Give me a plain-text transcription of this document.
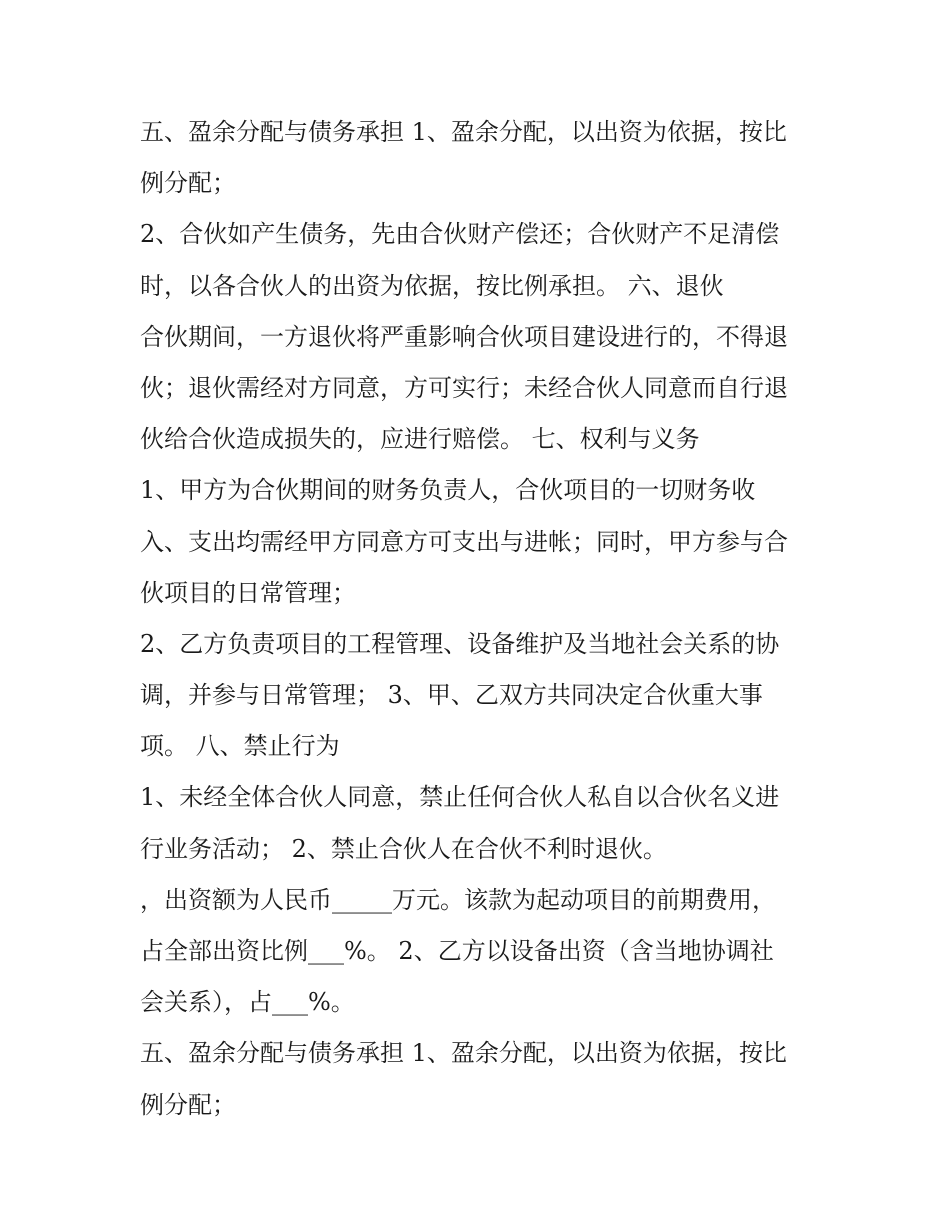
五、盈余分配与债务承担 1、盈余分配，以出资为依据，按比
例分配；
2、合伙如产生债务，先由合伙财产偿还；合伙财产不足清偿
时，以各合伙人的出资为依据，按比例承担。 六、退伙
合伙期间，一方退伙将严重影响合伙项目建设进行的，不得退
伙；退伙需经对方同意，方可实行；未经合伙人同意而自行退
伙给合伙造成损失的，应进行赔偿。 七、权利与义务
1、甲方为合伙期间的财务负责人，合伙项目的一切财务收
入、支出均需经甲方同意方可支出与进帐；同时，甲方参与合
伙项目的日常管理；
2、乙方负责项目的工程管理、设备维护及当地社会关系的协
调，并参与日常管理； 3、甲、乙双方共同决定合伙重大事
项。 八、禁止行为
1、未经全体合伙人同意，禁止任何合伙人私自以合伙名义进
行业务活动； 2、禁止合伙人在合伙不利时退伙。
，出资额为人民币_____万元。该款为起动项目的前期费用，
占全部出资比例___%。 2、乙方以设备出资（含当地协调社
会关系），占___%。
五、盈余分配与债务承担 1、盈余分配，以出资为依据，按比
例分配；
